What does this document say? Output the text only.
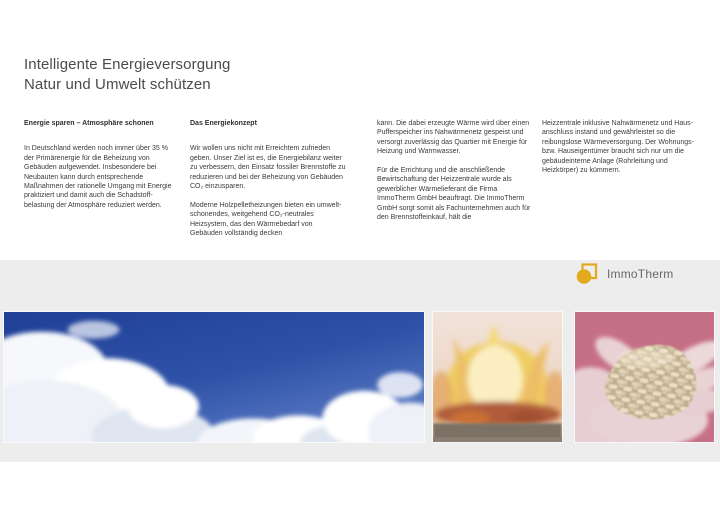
Intelligente Energieversorgung
Natur und Umwelt schützen
Energie sparen – Atmosphäre schonen

In Deutschland werden noch immer über 35 % der Primärenergie für die Beheizung von Gebäuden aufgewendet. Insbesondere bei Neubauten kann durch entsprechende Maßnahmen der rationelle Umgang mit Energie praktiziert und damit auch die Schadstoffbelastung der Atmosphäre reduziert werden.

Das Energiekonzept

Wir wollen uns nicht mit Erreichtem zufrieden geben. Unser Ziel ist es, die Energiebilanz weiter zu verbessern, den Einsatz fossiler Brennstoffe zu reduzieren und bei der Beheizung von Gebäuden CO₂ einzusparen.

Moderne Holzpelletheizungen bieten ein umweltschonendes, weitgehend CO₂-neutrales Heizsystem, das den Wärmebedarf von Gebäuden vollständig decken

kann. Die dabei erzeugte Wärme wird über einen Pufferspeicher ins Nahwärmenetz gespeist und versorgt zuverlässig das Quartier mit Energie für Heizung und Warmwasser.

Für die Errichtung und die anschließende Bewirtschaftung der Heizzentrale wurde als gewerblicher Wärmelieferant die Firma ImmoTherm GmbH beauftragt. Die ImmoTherm GmbH sorgt somit als Fachunternehmen auch für den Brennstoffeinkauf, hält die

Heizzentrale inklusive Nahwärmenetz und Hausanschluss instand und gewährleistet so die reibungslose Wärmeversorgung. Der Wohnungs- bzw. Hauseigentümer braucht sich nur um die gebäudeinterne Anlage (Rohrleitung und Heizkörper) zu kümmern.

ImmoTherm
